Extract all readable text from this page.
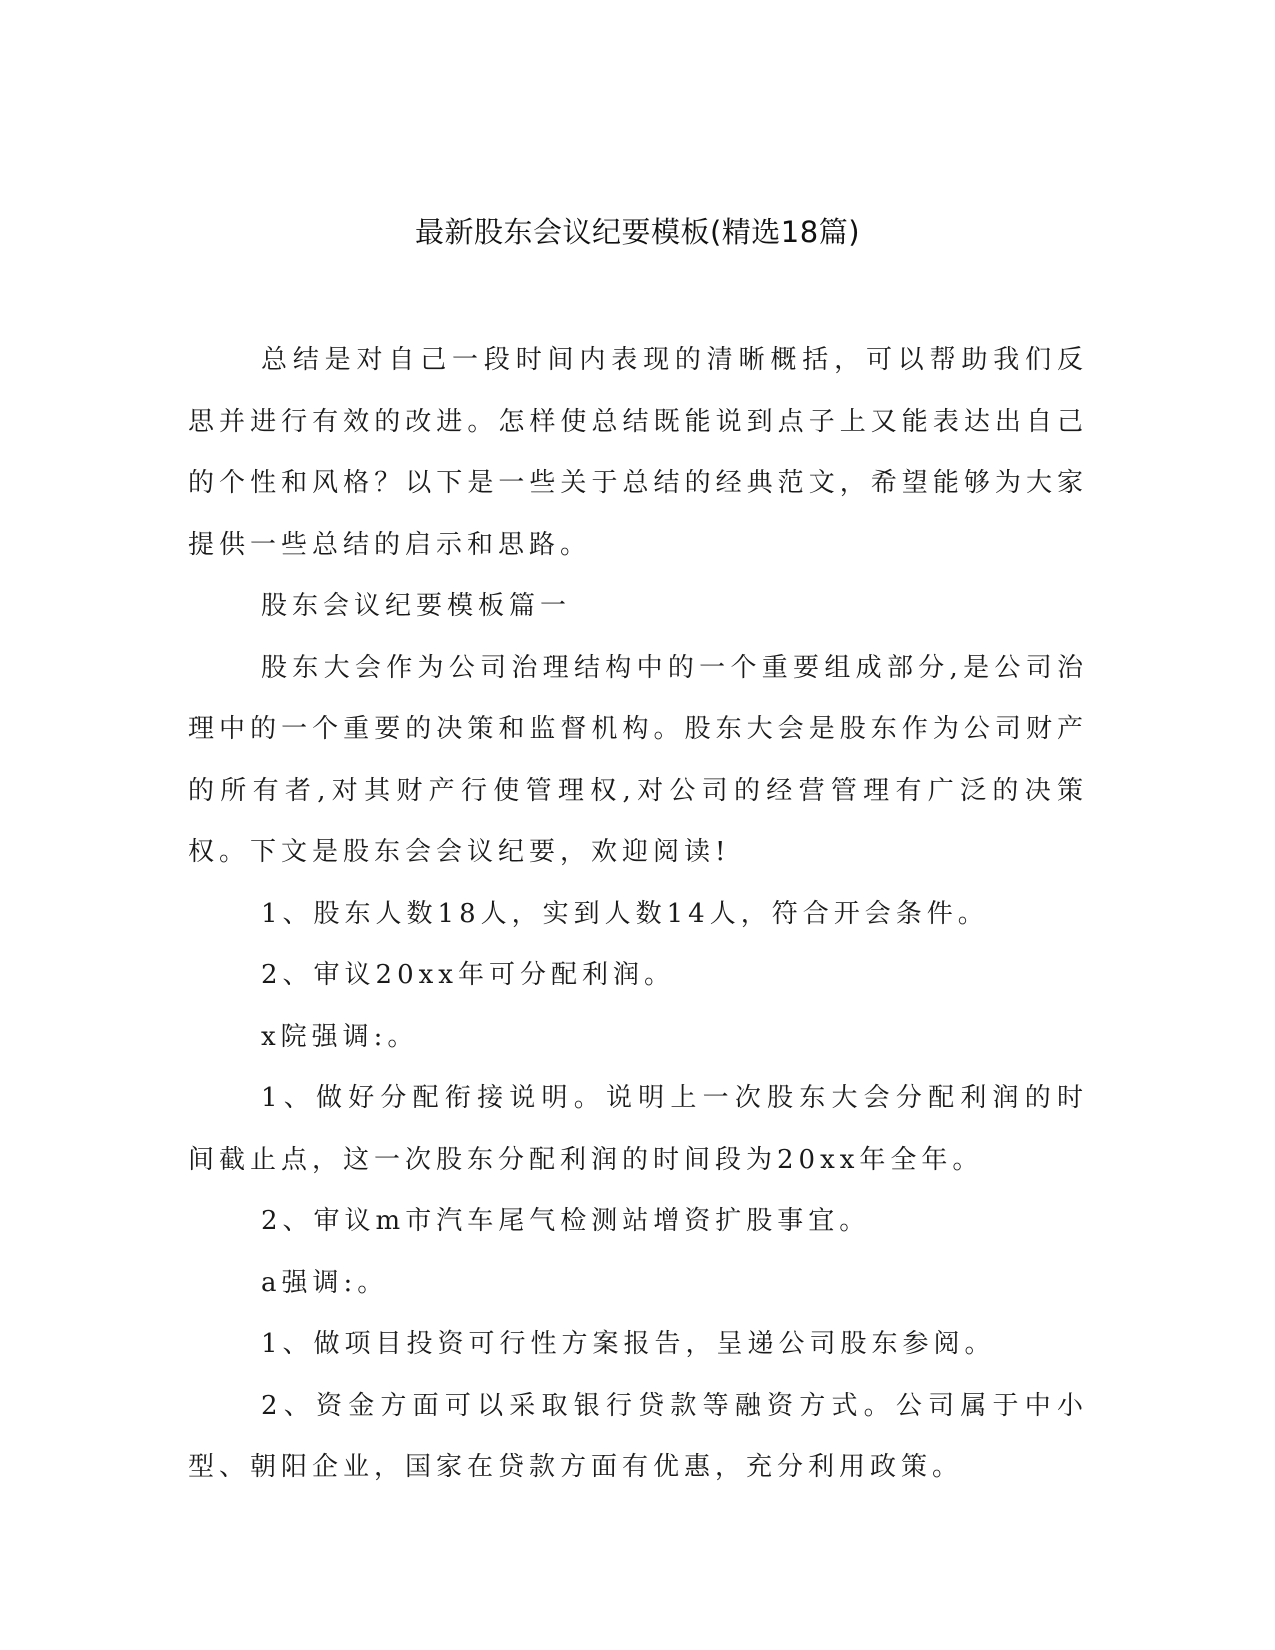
最新股东会议纪要模板(精选18篇)

总结是对自己一段时间内表现的清晰概括，可以帮助我们反思并进行有效的改进。怎样使总结既能说到点子上又能表达出自己的个性和风格？以下是一些关于总结的经典范文，希望能够为大家提供一些总结的启示和思路。

股东会议纪要模板篇一

股东大会作为公司治理结构中的一个重要组成部分,是公司治理中的一个重要的决策和监督机构。股东大会是股东作为公司财产的所有者,对其财产行使管理权,对公司的经营管理有广泛的决策权。下文是股东会会议纪要，欢迎阅读!

1、股东人数18人，实到人数14人，符合开会条件。

2、审议20xx年可分配利润。

x院强调:。

1、做好分配衔接说明。说明上一次股东大会分配利润的时间截止点，这一次股东分配利润的时间段为20xx年全年。

2、审议m市汽车尾气检测站增资扩股事宜。

a强调:。

1、做项目投资可行性方案报告，呈递公司股东参阅。

2、资金方面可以采取银行贷款等融资方式。公司属于中小型、朝阳企业，国家在贷款方面有优惠，充分利用政策。
